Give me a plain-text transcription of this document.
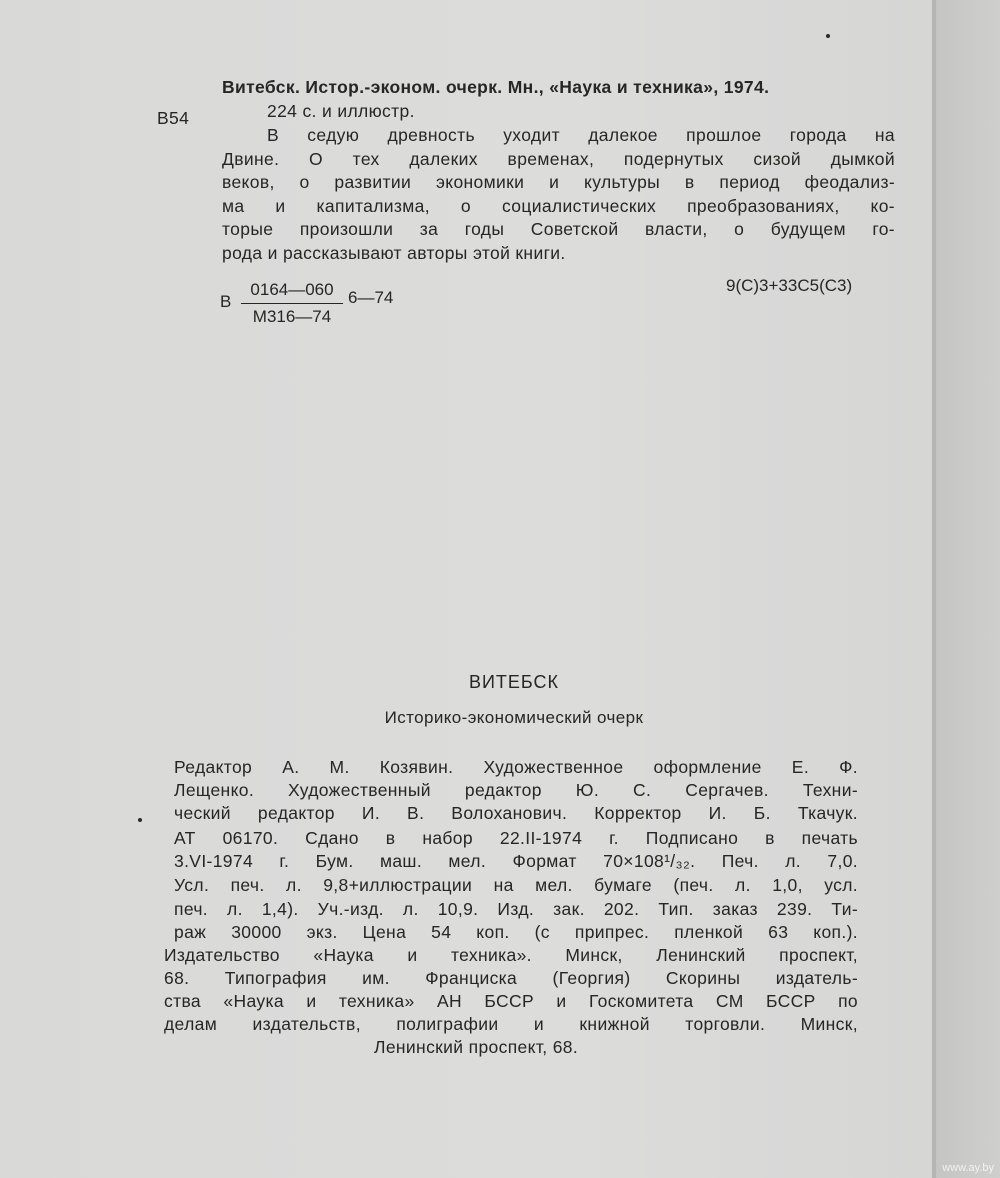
В54
Витебск. Истор.-эконом. очерк. Мн., «Наука и техника», 1974.
224 с. и иллюстр.
В седую древность уходит далекое прошлое города на
Двине. О тех далеких временах, подернутых сизой дымкой
веков, о развитии экономики и культуры в период феодализ-
ма и капитализма, о социалистических преобразованиях, ко-
торые произошли за годы Советской власти, о будущем го-
рода и рассказывают авторы этой книги.
В
0164—060
М316—74
6—74
9(С)3+33С5(С3)
ВИТЕБСК
Историко-экономический очерк
Редактор А. М. Козявин. Художественное оформление Е. Ф.
Лещенко. Художественный редактор Ю. С. Сергачев. Техни-
ческий редактор И. В. Волоханович. Корректор И. Б. Ткачук.
АТ 06170. Сдано в набор 22.II-1974 г. Подписано в печать
3.VI-1974 г. Бум. маш. мел. Формат 70×108¹/₃₂. Печ. л. 7,0.
Усл. печ. л. 9,8+иллюстрации на мел. бумаге (печ. л. 1,0, усл.
печ. л. 1,4). Уч.-изд. л. 10,9. Изд. зак. 202. Тип. заказ 239. Ти-
раж 30000 экз. Цена 54 коп. (с припрес. пленкой 63 коп.).
Издательство «Наука и техника». Минск, Ленинский проспект,
68. Типография им. Франциска (Георгия) Скорины издатель-
ства «Наука и техника» АН БССР и Госкомитета СМ БССР по
делам издательств, полиграфии и книжной торговли. Минск,
Ленинский проспект, 68.
www.ay.by
